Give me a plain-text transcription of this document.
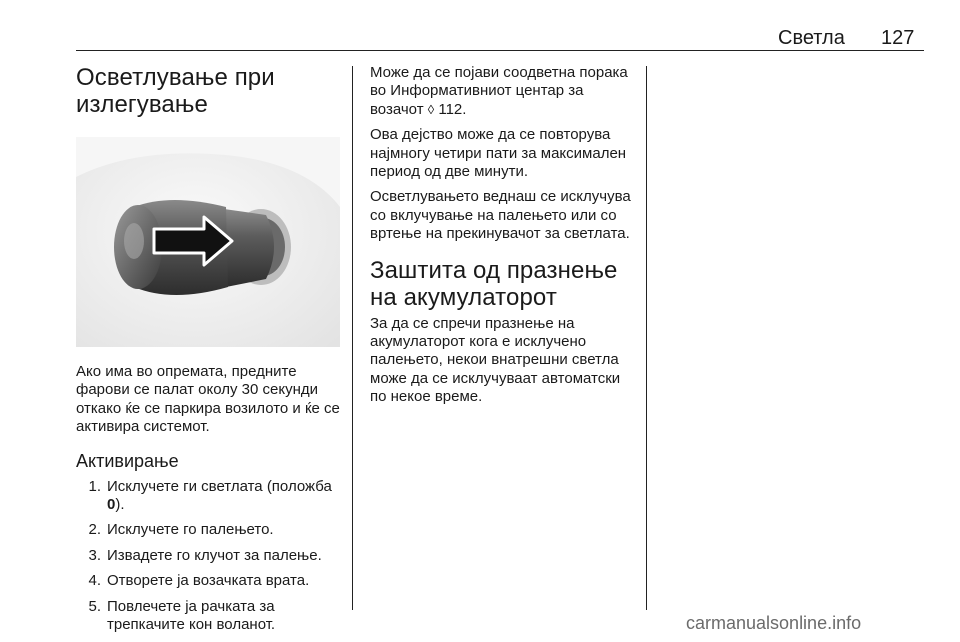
Светла 127
Осветлување при излегување

Ако има во опремата, предните фарови се палат околу 30 секунди откако ќе се паркира возилото и ќе се активира системот.

Активирање
1. Исклучете ги светлата (положба 0).
2. Исклучете го палењето.
3. Извадете го клучот за палење.
4. Отворете ја возачката врата.
5. Повлечете ја рачката за трепкачите кон воланот.

Може да се појави соодветна порака во Информативниот центар за возачот ◊ 112.

Ова дејство може да се повторува најмногу четири пати за максимален период од две минути.

Осветлувањето веднаш се исклучува со вклучување на палењето или со вртење на прекинувачот за светлата.

Заштита од празнење на акумулаторот

За да се спречи празнење на акумулаторот кога е исклучено палењето, некои внатрешни светла може да се исклучуваат автоматски по некое време.

carmanualsonline.info
